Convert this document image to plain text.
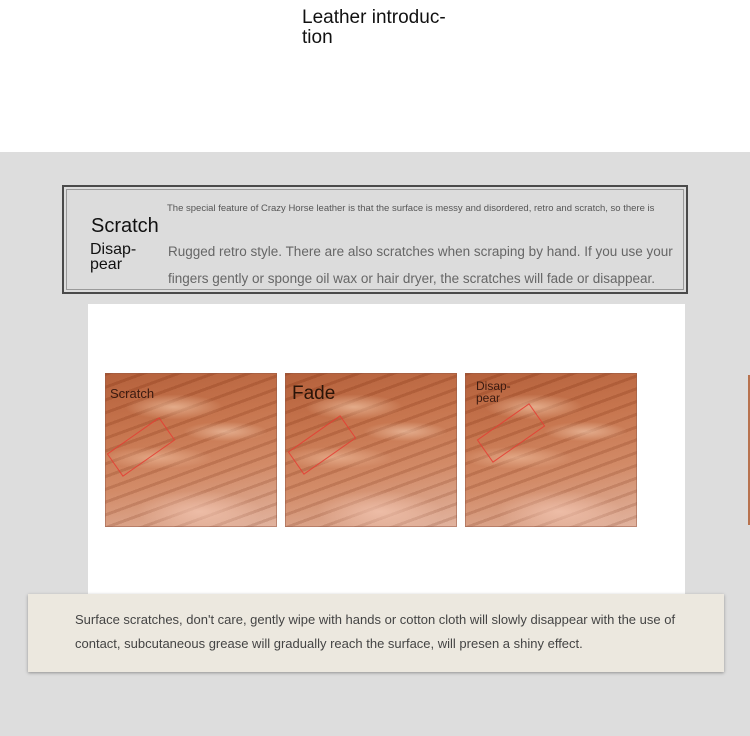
Leather introduc-
tion
Scratch
Disap-
pear
The special feature of Crazy Horse leather is that the surface is messy and disordered, retro and scratch, so there is
Rugged retro style. There are also scratches when scraping by hand. If you use your fingers gently or sponge oil wax or hair dryer, the scratches will fade or disappear.
Scratch	Fade	Disap-
pear
Surface scratches, don't care, gently wipe with hands or cotton cloth will slowly disappear with the use of contact, subcutaneous grease will gradually reach the surface, will presen a shiny effect.
